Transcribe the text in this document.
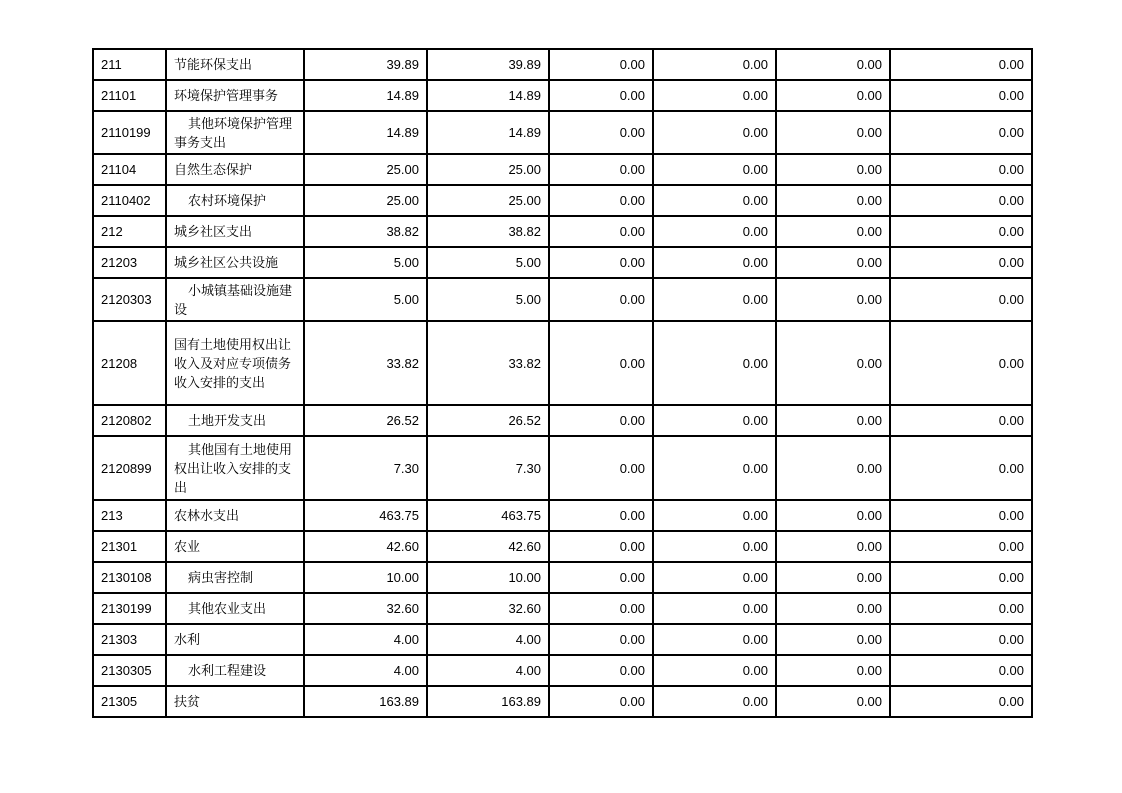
211	节能环保支出	39.89	39.89	0.00	0.00	0.00	0.00
21101	环境保护管理事务	14.89	14.89	0.00	0.00	0.00	0.00
2110199	其他环境保护管理事务支出	14.89	14.89	0.00	0.00	0.00	0.00
21104	自然生态保护	25.00	25.00	0.00	0.00	0.00	0.00
2110402	农村环境保护	25.00	25.00	0.00	0.00	0.00	0.00
212	城乡社区支出	38.82	38.82	0.00	0.00	0.00	0.00
21203	城乡社区公共设施	5.00	5.00	0.00	0.00	0.00	0.00
2120303	小城镇基础设施建设	5.00	5.00	0.00	0.00	0.00	0.00
21208	国有土地使用权出让收入及对应专项债务收入安排的支出	33.82	33.82	0.00	0.00	0.00	0.00
2120802	土地开发支出	26.52	26.52	0.00	0.00	0.00	0.00
2120899	其他国有土地使用权出让收入安排的支出	7.30	7.30	0.00	0.00	0.00	0.00
213	农林水支出	463.75	463.75	0.00	0.00	0.00	0.00
21301	农业	42.60	42.60	0.00	0.00	0.00	0.00
2130108	病虫害控制	10.00	10.00	0.00	0.00	0.00	0.00
2130199	其他农业支出	32.60	32.60	0.00	0.00	0.00	0.00
21303	水利	4.00	4.00	0.00	0.00	0.00	0.00
2130305	水利工程建设	4.00	4.00	0.00	0.00	0.00	0.00
21305	扶贫	163.89	163.89	0.00	0.00	0.00	0.00
